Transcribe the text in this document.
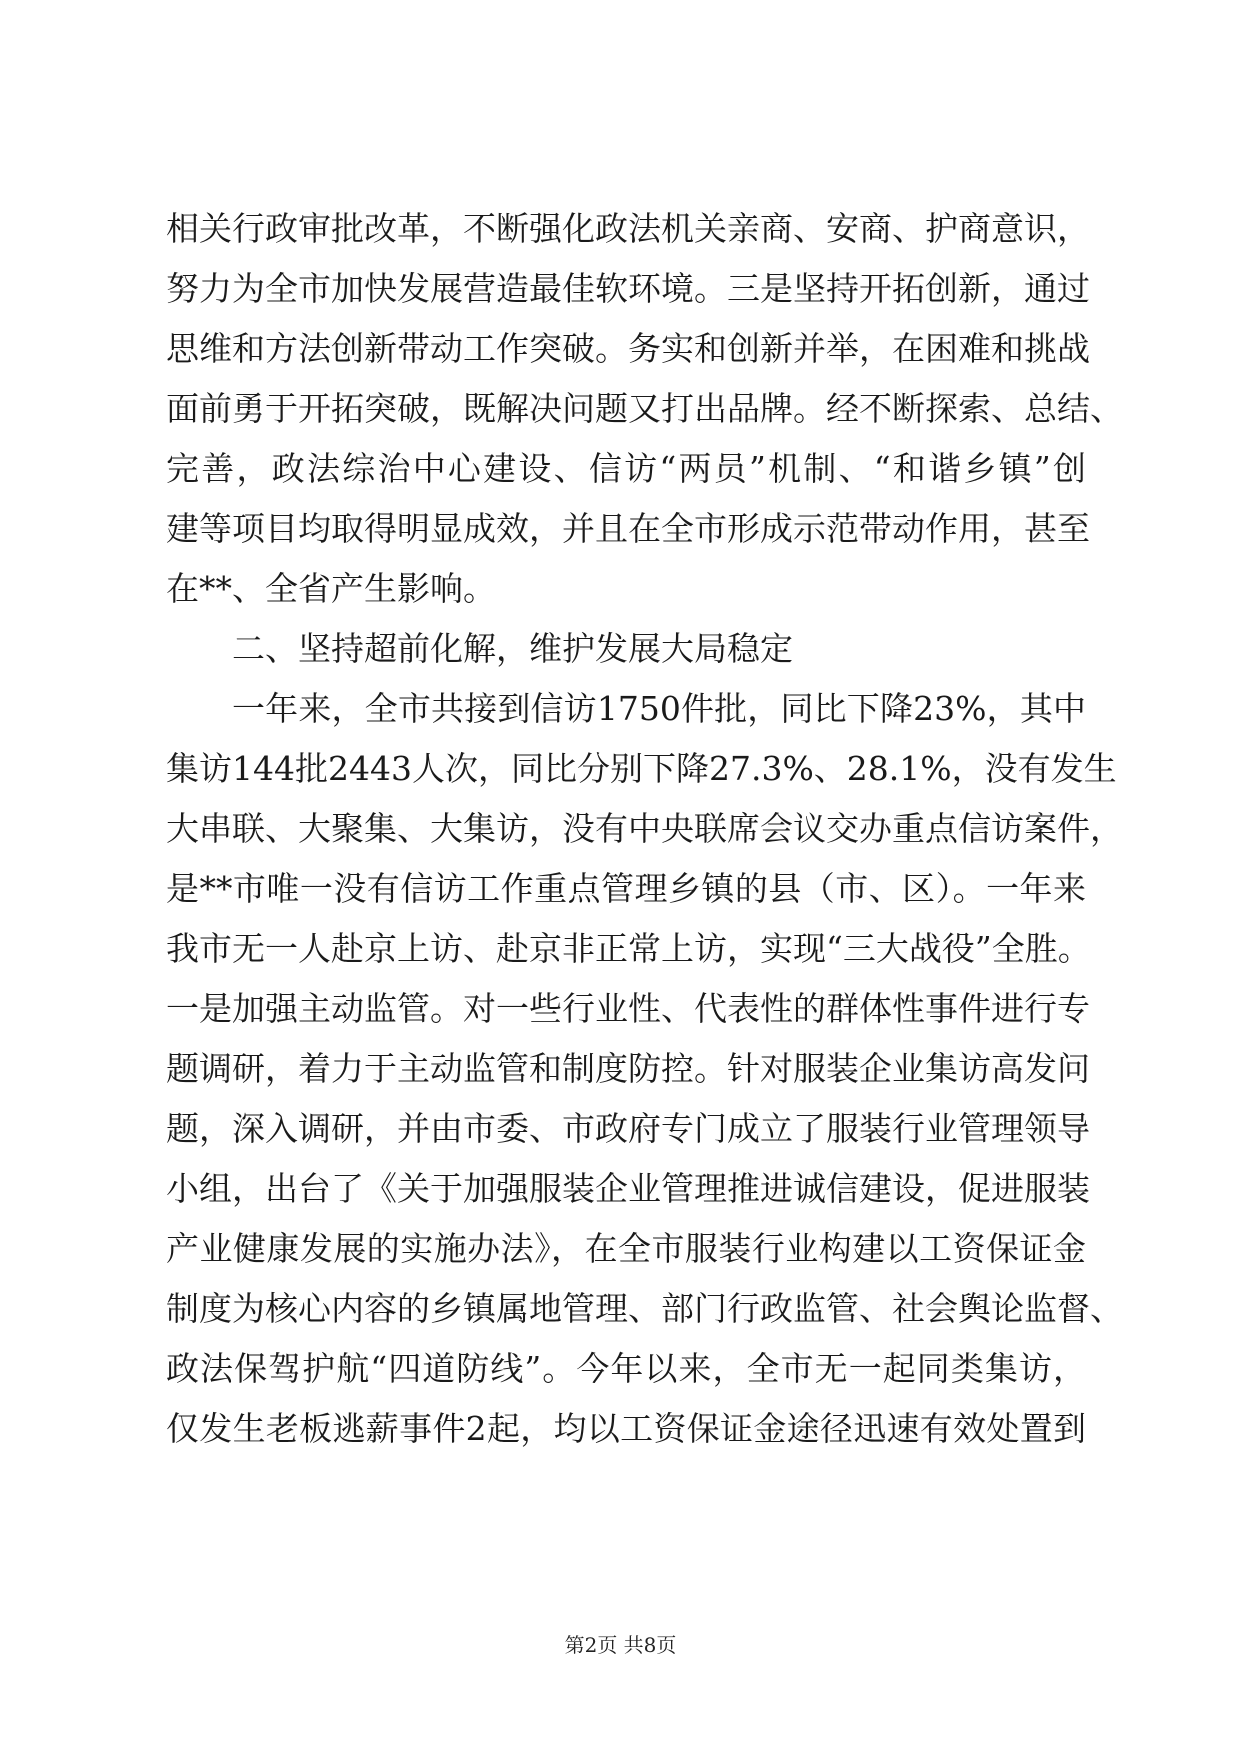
相关行政审批改革，不断强化政法机关亲商、安商、护商意识，
努力为全市加快发展营造最佳软环境。三是坚持开拓创新，通过
思维和方法创新带动工作突破。务实和创新并举，在困难和挑战
面前勇于开拓突破，既解决问题又打出品牌。经不断探索、总结、
完善，政法综治中心建设、信访“两员”机制、“和谐乡镇”创
建等项目均取得明显成效，并且在全市形成示范带动作用，甚至
在**、全省产生影响。
二、坚持超前化解，维护发展大局稳定
一年来，全市共接到信访1750件批，同比下降23%，其中
集访144批2443人次，同比分别下降27.3%、28.1%，没有发生
大串联、大聚集、大集访，没有中央联席会议交办重点信访案件，
是**市唯一没有信访工作重点管理乡镇的县（市、区）。一年来
我市无一人赴京上访、赴京非正常上访，实现“三大战役”全胜。
一是加强主动监管。对一些行业性、代表性的群体性事件进行专
题调研，着力于主动监管和制度防控。针对服装企业集访高发问
题，深入调研，并由市委、市政府专门成立了服装行业管理领导
小组，出台了《关于加强服装企业管理推进诚信建设，促进服装
产业健康发展的实施办法》，在全市服装行业构建以工资保证金
制度为核心内容的乡镇属地管理、部门行政监管、社会舆论监督、
政法保驾护航“四道防线”。今年以来，全市无一起同类集访，
仅发生老板逃薪事件2起，均以工资保证金途径迅速有效处置到
第2页 共8页
